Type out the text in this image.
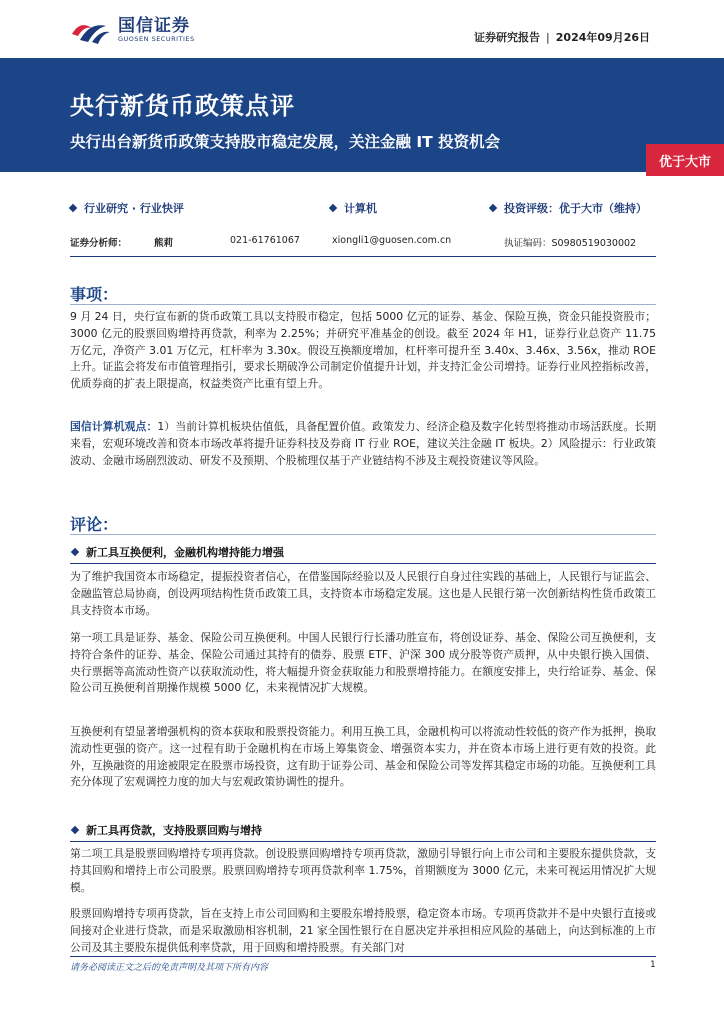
国信证券
GUOSEN SECURITIES	证券研究报告 | 2024年09月26日
央行新货币政策点评
央行出台新货币政策支持股市稳定发展，关注金融 IT 投资机会
优于大市
行业研究 · 行业快评	计算机	投资评级：优于大市（维持）
证券分析师：	熊莉	021-61761067	xiongli1@guosen.com.cn	执证编码：S0980519030002
事项：
9 月 24 日，央行宣布新的货币政策工具以支持股市稳定，包括 5000 亿元的证券、基金、保险互换，资金只能投资股市；3000 亿元的股票回购增持再贷款，利率为 2.25%；并研究平准基金的创设。截至 2024 年 H1，证券行业总资产 11.75 万亿元，净资产 3.01 万亿元，杠杆率为 3.30x。假设互换额度增加，杠杆率可提升至 3.40x、3.46x、3.56x，推动 ROE 上升。证监会将发布市值管理指引，要求长期破净公司制定价值提升计划，并支持汇金公司增持。证券行业风控指标改善，优质券商的扩表上限提高，权益类资产比重有望上升。
国信计算机观点：1）当前计算机板块估值低，具备配置价值。政策发力、经济企稳及数字化转型将推动市场活跃度。长期来看，宏观环境改善和资本市场改革将提升证券科技及券商 IT 行业 ROE，建议关注金融 IT 板块。2）风险提示：行业政策波动、金融市场剧烈波动、研发不及预期、个股梳理仅基于产业链结构不涉及主观投资建议等风险。
评论：
新工具互换便利，金融机构增持能力增强
为了维护我国资本市场稳定，提振投资者信心，在借鉴国际经验以及人民银行自身过往实践的基础上，人民银行与证监会、金融监管总局协商，创设两项结构性货币政策工具，支持资本市场稳定发展。这也是人民银行第一次创新结构性货币政策工具支持资本市场。
第一项工具是证券、基金、保险公司互换便利。中国人民银行行长潘功胜宣布，将创设证券、基金、保险公司互换便利，支持符合条件的证券、基金、保险公司通过其持有的债券、股票 ETF、沪深 300 成分股等资产质押，从中央银行换入国债、央行票据等高流动性资产以获取流动性，将大幅提升资金获取能力和股票增持能力。在额度安排上，央行给证券、基金、保险公司互换便利首期操作规模 5000 亿，未来视情况扩大规模。
互换便利有望显著增强机构的资本获取和股票投资能力。利用互换工具，金融机构可以将流动性较低的资产作为抵押，换取流动性更强的资产。这一过程有助于金融机构在市场上筹集资金、增强资本实力，并在资本市场上进行更有效的投资。此外，互换融资的用途被限定在股票市场投资，这有助于证券公司、基金和保险公司等发挥其稳定市场的功能。互换便利工具充分体现了宏观调控力度的加大与宏观政策协调性的提升。
新工具再贷款，支持股票回购与增持
第二项工具是股票回购增持专项再贷款。创设股票回购增持专项再贷款，激励引导银行向上市公司和主要股东提供贷款，支持其回购和增持上市公司股票。股票回购增持专项再贷款利率 1.75%，首期额度为 3000 亿元，未来可视运用情况扩大规模。
股票回购增持专项再贷款，旨在支持上市公司回购和主要股东增持股票，稳定资本市场。专项再贷款并不是中央银行直接或间接对企业进行贷款，而是采取激励相容机制，21 家全国性银行在自愿决定并承担相应风险的基础上，向达到标准的上市公司及其主要股东提供低利率贷款，用于回购和增持股票。有关部门对
请务必阅读正文之后的免责声明及其项下所有内容	1
